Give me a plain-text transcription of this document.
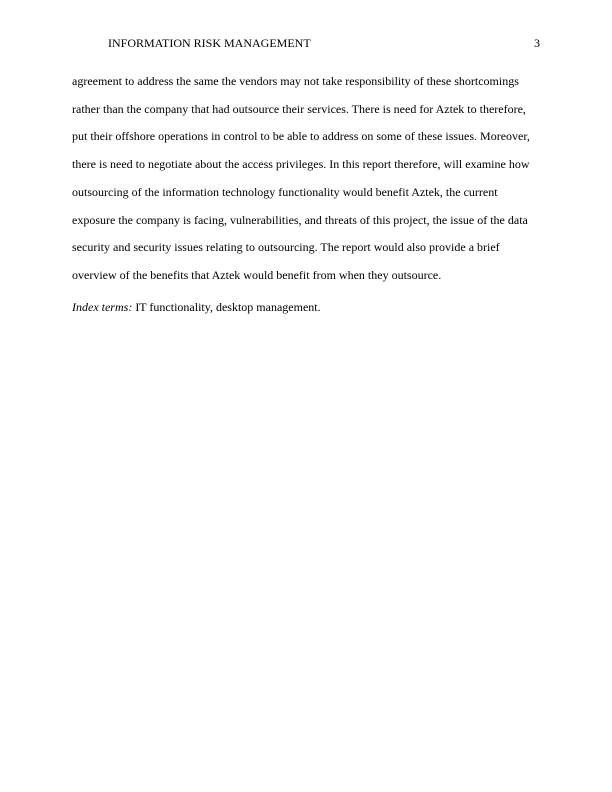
INFORMATION RISK MANAGEMENT	3
agreement to address the same the vendors may not take responsibility of these shortcomings
rather than the company that had outsource their services. There is need for Aztek to therefore,
put their offshore operations in control to be able to address on some of these issues. Moreover,
there is need to negotiate about the access privileges. In this report therefore, will examine how
outsourcing of the information technology functionality would benefit Aztek, the current
exposure the company is facing, vulnerabilities, and threats of this project, the issue of the data
security and security issues relating to outsourcing. The report would also provide a brief
overview of the benefits that Aztek would benefit from when they outsource.
Index terms: IT functionality, desktop management.
